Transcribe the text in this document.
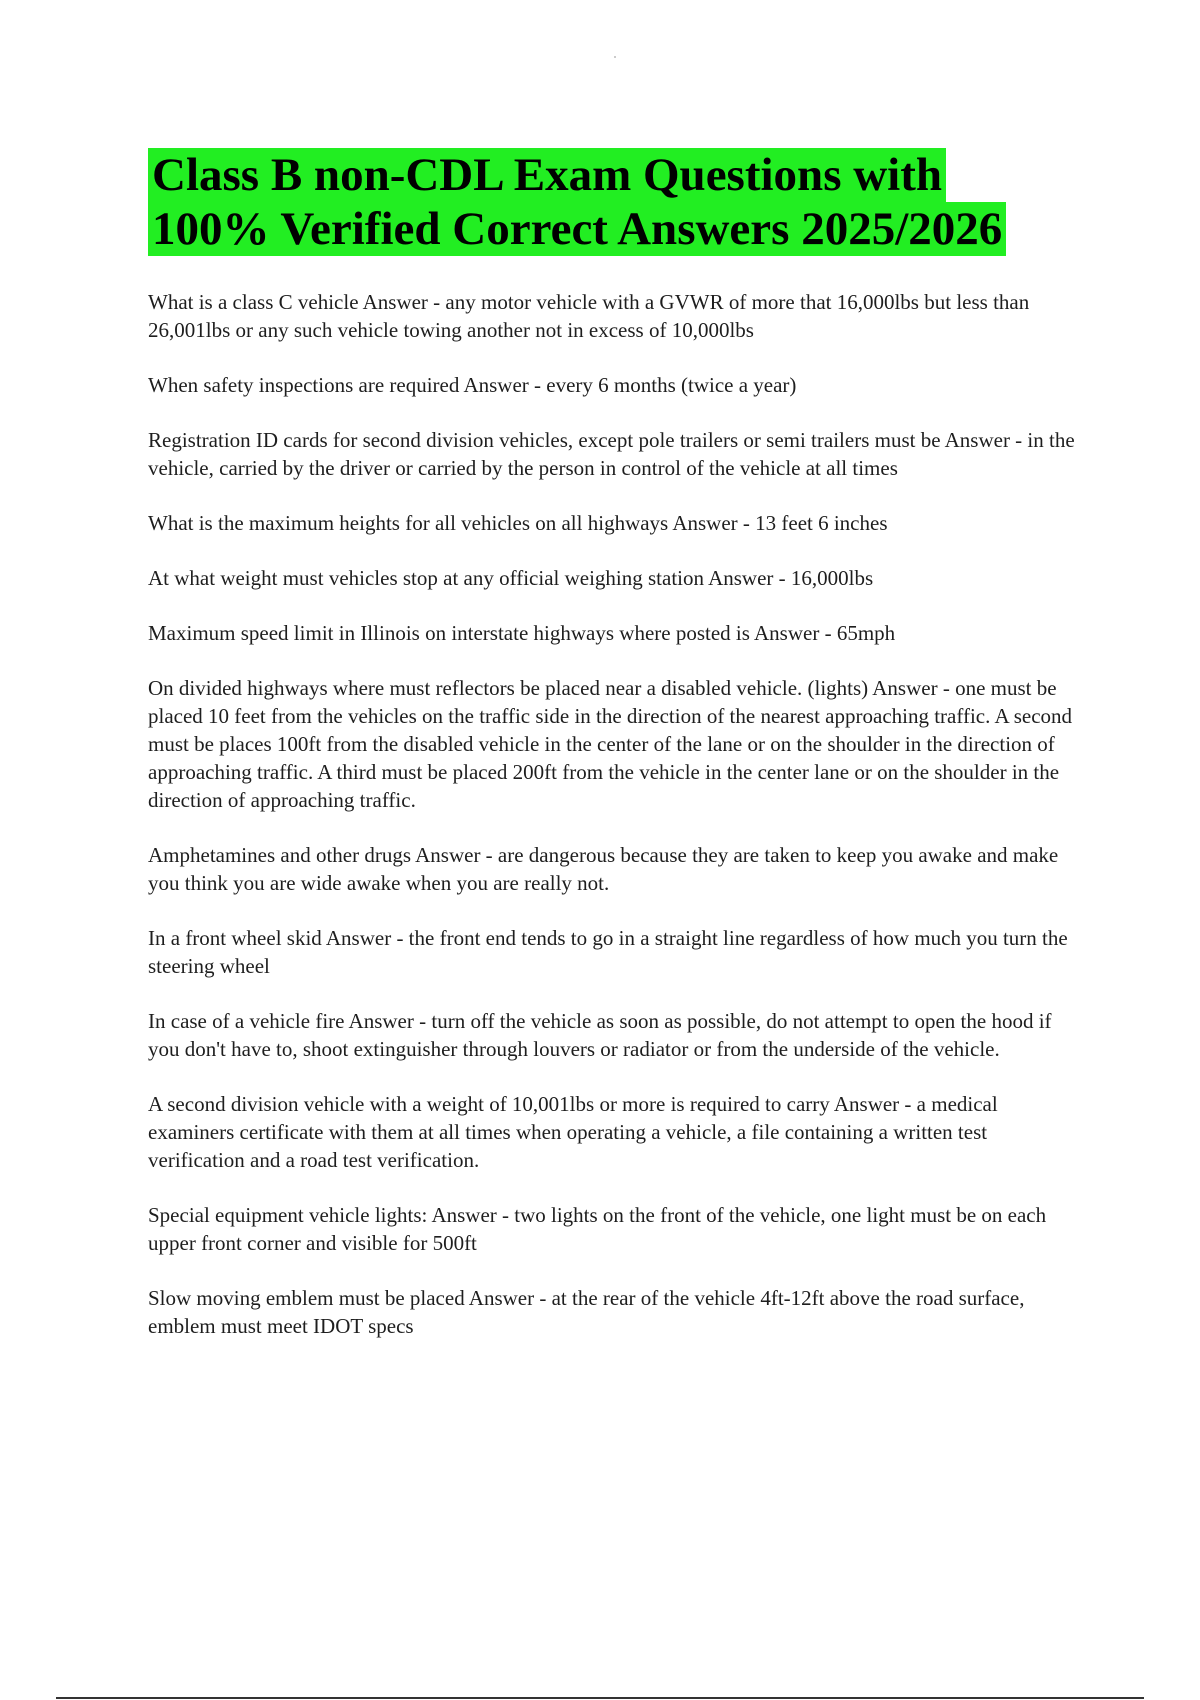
Class B non-CDL Exam Questions with
100% Verified Correct Answers 2025/2026

What is a class C vehicle Answer - any motor vehicle with a GVWR of more that 16,000lbs but less than 26,001lbs or any such vehicle towing another not in excess of 10,000lbs

When safety inspections are required Answer - every 6 months (twice a year)

Registration ID cards for second division vehicles, except pole trailers or semi trailers must be Answer - in the vehicle, carried by the driver or carried by the person in control of the vehicle at all times

What is the maximum heights for all vehicles on all highways Answer - 13 feet 6 inches

At what weight must vehicles stop at any official weighing station Answer - 16,000lbs

Maximum speed limit in Illinois on interstate highways where posted is Answer - 65mph

On divided highways where must reflectors be placed near a disabled vehicle. (lights) Answer - one must be placed 10 feet from the vehicles on the traffic side in the direction of the nearest approaching traffic. A second must be places 100ft from the disabled vehicle in the center of the lane or on the shoulder in the direction of approaching traffic. A third must be placed 200ft from the vehicle in the center lane or on the shoulder in the direction of approaching traffic.

Amphetamines and other drugs Answer - are dangerous because they are taken to keep you awake and make you think you are wide awake when you are really not.

In a front wheel skid Answer - the front end tends to go in a straight line regardless of how much you turn the steering wheel

In case of a vehicle fire Answer - turn off the vehicle as soon as possible, do not attempt to open the hood if you don't have to, shoot extinguisher through louvers or radiator or from the underside of the vehicle.

A second division vehicle with a weight of 10,001lbs or more is required to carry Answer - a medical examiners certificate with them at all times when operating a vehicle, a file containing a written test verification and a road test verification.

Special equipment vehicle lights: Answer - two lights on the front of the vehicle, one light must be on each upper front corner and visible for 500ft

Slow moving emblem must be placed Answer - at the rear of the vehicle 4ft-12ft above the road surface, emblem must meet IDOT specs
